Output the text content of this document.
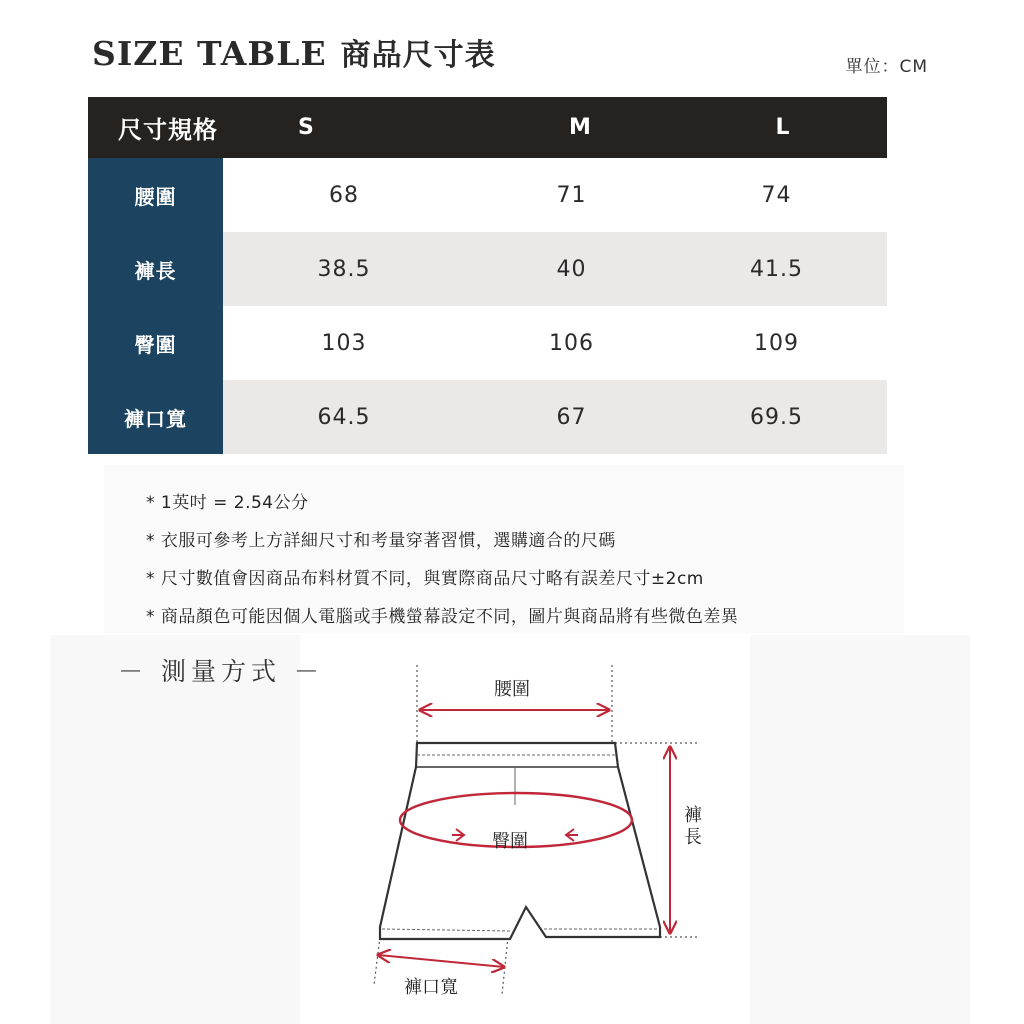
SIZE TABLE 商品尺寸表	單位：CM
尺寸規格	S	M	L
腰圍	68	71	74
褲長	38.5	40	41.5
臀圍	103	106	109
褲口寬	64.5	67	69.5
* 1英吋 = 2.54公分
* 衣服可參考上方詳細尺寸和考量穿著習慣，選購適合的尺碼
* 尺寸數值會因商品布料材質不同，與實際商品尺寸略有誤差尺寸±2cm
* 商品顏色可能因個人電腦或手機螢幕設定不同，圖片與商品將有些微色差異
－ 測量方式 －
腰圍
臀圍
褲長
褲口寬
